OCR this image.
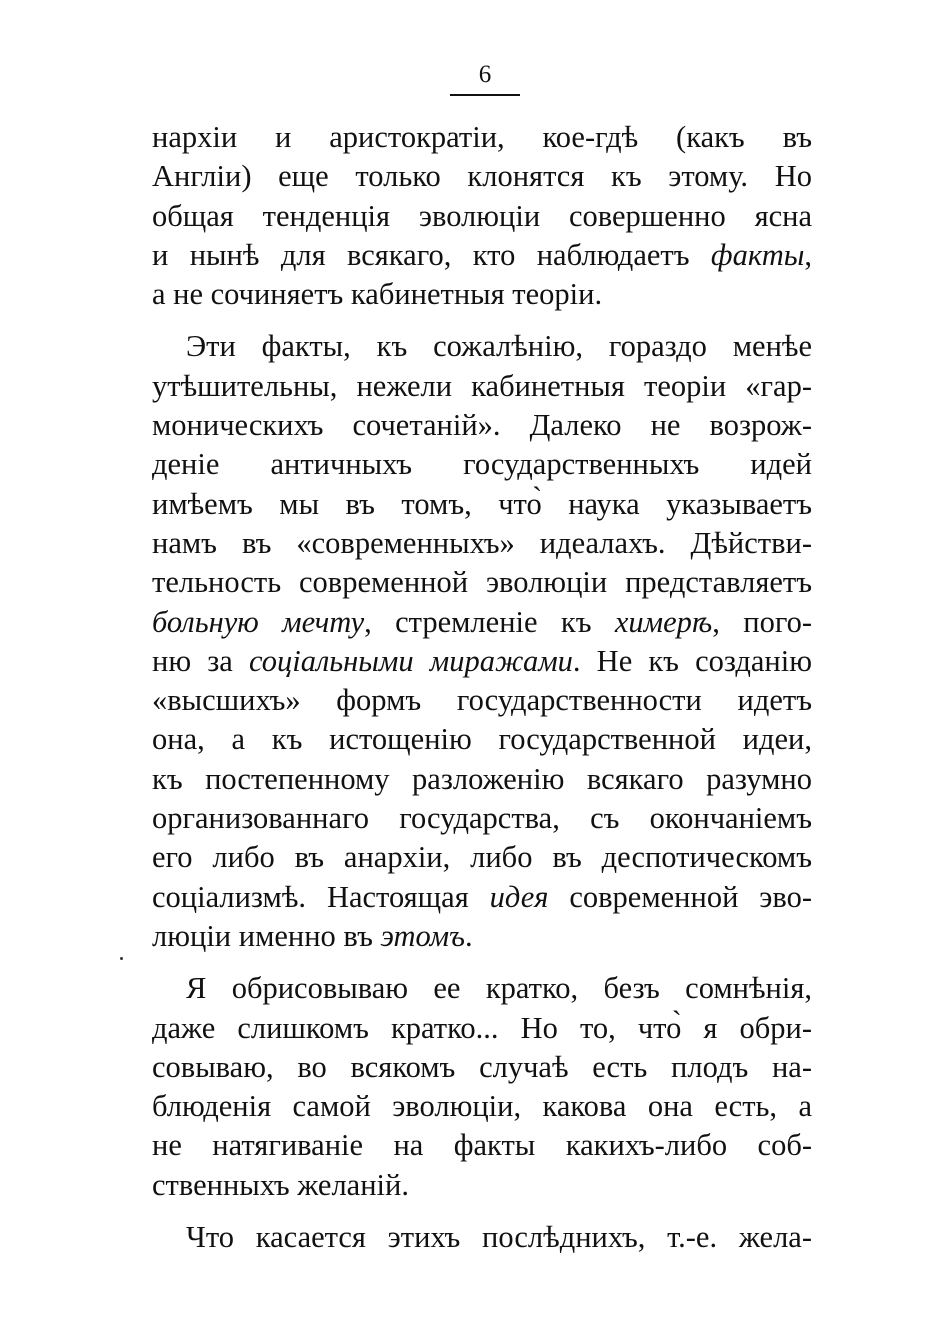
6
нархіи и аристократіи, кое-гдѣ (какъ въ
Англіи) еще только клонятся къ этому. Но
общая тенденція эволюціи совершенно ясна
и нынѣ для всякаго, кто наблюдаетъ факты,
а не сочиняетъ кабинетныя теоріи.
Эти факты, къ сожалѣнію, гораздо менѣе
утѣшительны, нежели кабинетныя теоріи «гар-
моническихъ сочетаній». Далеко не возрож-
деніе античныхъ государственныхъ идей
имѣемъ мы въ томъ, что̀ наука указываетъ
намъ въ «современныхъ» идеалахъ. Дѣйстви-
тельность современной эволюціи представляетъ
больную мечту, стремленіе къ химерѣ, пого-
ню за соціальными миражами. Не къ созданію
«высшихъ» формъ государственности идетъ
она, а къ истощенію государственной идеи,
къ постепенному разложенію всякаго разумно
организованнаго государства, съ окончаніемъ
его либо въ анархіи, либо въ деспотическомъ
соціализмѣ. Настоящая идея современной эво-
люціи именно въ этомъ.
Я обрисовываю ее кратко, безъ сомнѣнія,
даже слишкомъ кратко... Но то, что̀ я обри-
совываю, во всякомъ случаѣ есть плодъ на-
блюденія самой эволюціи, какова она есть, а
не натягиваніе на факты какихъ-либо соб-
ственныхъ желаній.
Что касается этихъ послѣднихъ, т.-е. жела-
